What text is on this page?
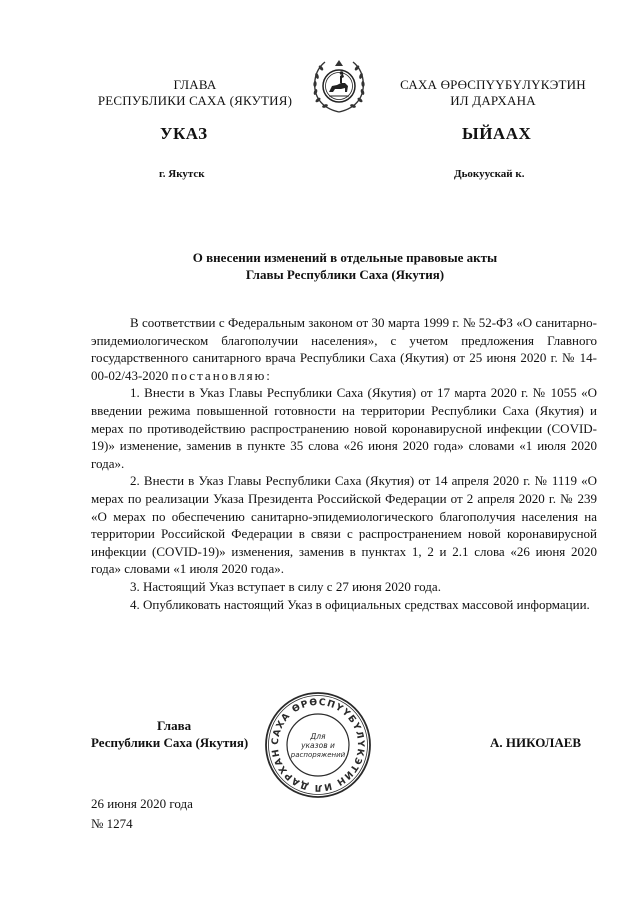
ГЛАВА
РЕСПУБЛИКИ САХА (ЯКУТИЯ)
САХА ӨРӨСПҮҮБҮЛҮКЭТИН
ИЛ ДАРХАНА
УКАЗ	ЫЙААХ
г. Якутск	Дьокуускай к.
О внесении изменений в отдельные правовые акты
Главы Республики Саха (Якутия)

В соответствии с Федеральным законом от 30 марта 1999 г. № 52-ФЗ «О санитарно-эпидемиологическом благополучии населения», с учетом предложения Главного государственного санитарного врача Республики Саха (Якутия) от 25 июня 2020 г. № 14-00-02/43-2020 постановляю:

1. Внести в Указ Главы Республики Саха (Якутия) от 17 марта 2020 г. № 1055 «О введении режима повышенной готовности на территории Республики Саха (Якутия) и мерах по противодействию распространению новой коронавирусной инфекции (COVID-19)» изменение, заменив в пункте 35 слова «26 июня 2020 года» словами «1 июля 2020 года».

2. Внести в Указ Главы Республики Саха (Якутия) от 14 апреля 2020 г. № 1119 «О мерах по реализации Указа Президента Российской Федерации от 2 апреля 2020 г. № 239 «О мерах по обеспечению санитарно-эпидемиологического благополучия населения на территории Российской Федерации в связи с распространением новой коронавирусной инфекции (COVID-19)» изменения, заменив в пунктах 1, 2 и 2.1 слова «26 июня 2020 года» словами «1 июля 2020 года».

3. Настоящий Указ вступает в силу с 27 июня 2020 года.

4. Опубликовать настоящий Указ в официальных средствах массовой информации.

Глава
Республики Саха (Якутия)	А. НИКОЛАЕВ
САХА ӨРӨСПҮҮБҮЛҮКЭТИН ИЛ ДАРХАН
Для
указов и
распоряжений
26 июня 2020 года
№ 1274
